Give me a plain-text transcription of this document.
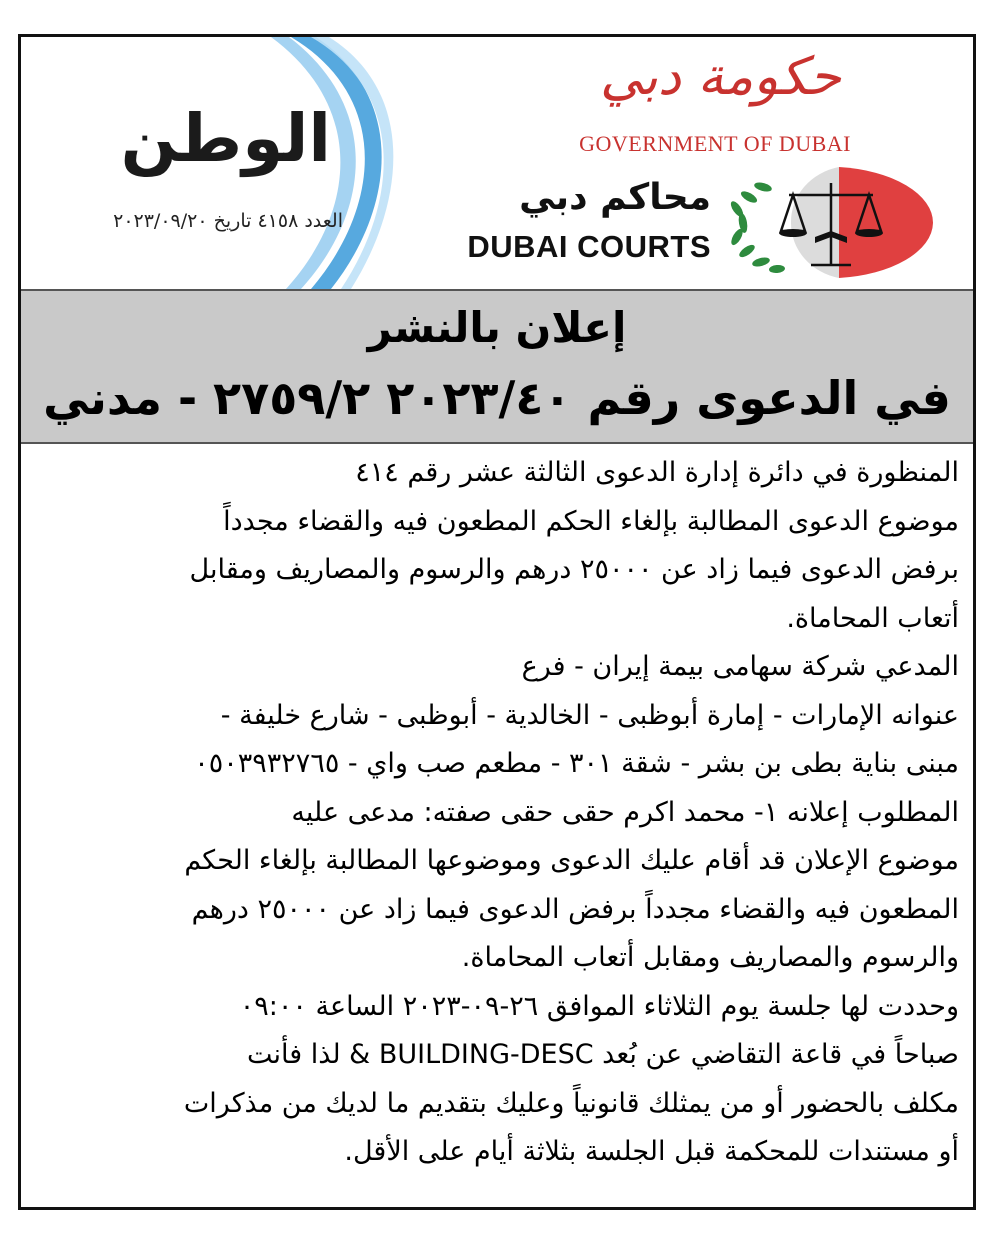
الوطن
العدد ٤١٥٨ تاريخ ٢٠٢٣/٠٩/٢٠
حكومة دبي
GOVERNMENT OF DUBAI
محاكم دبي
DUBAI COURTS
إعلان بالنشر
في الدعوى رقم ٢٠٢٣/٤٠ ٢٧٥٩/٢ - مدني
المنظورة في دائرة إدارة الدعوى الثالثة عشر رقم ٤١٤
موضوع الدعوى المطالبة بإلغاء الحكم المطعون فيه والقضاء مجدداً
برفض الدعوى فيما زاد عن ٢٥٠٠٠ درهم والرسوم والمصاريف ومقابل
أتعاب المحاماة.
المدعي شركة سهامى بيمة إيران - فرع
عنوانه الإمارات - إمارة أبوظبى - الخالدية - أبوظبى - شارع خليفة -
مبنى بناية بطى بن بشر - شقة ٣٠١ - مطعم صب واي - ٠٥٠٣٩٣٢٧٦٥
المطلوب إعلانه ١- محمد اكرم حقى حقى صفته: مدعى عليه
موضوع الإعلان قد أقام عليك الدعوى وموضوعها المطالبة بإلغاء الحكم
المطعون فيه والقضاء مجدداً برفض الدعوى فيما زاد عن ٢٥٠٠٠ درهم
والرسوم والمصاريف ومقابل أتعاب المحاماة.
وحددت لها جلسة يوم الثلاثاء الموافق ٢٦-٠٩-٢٠٢٣ الساعة ٠٩:٠٠
صباحاً في قاعة التقاضي عن بُعد BUILDING-DESC & لذا فأنت
مكلف بالحضور أو من يمثلك قانونياً وعليك بتقديم ما لديك من مذكرات
أو مستندات للمحكمة قبل الجلسة بثلاثة أيام على الأقل.
